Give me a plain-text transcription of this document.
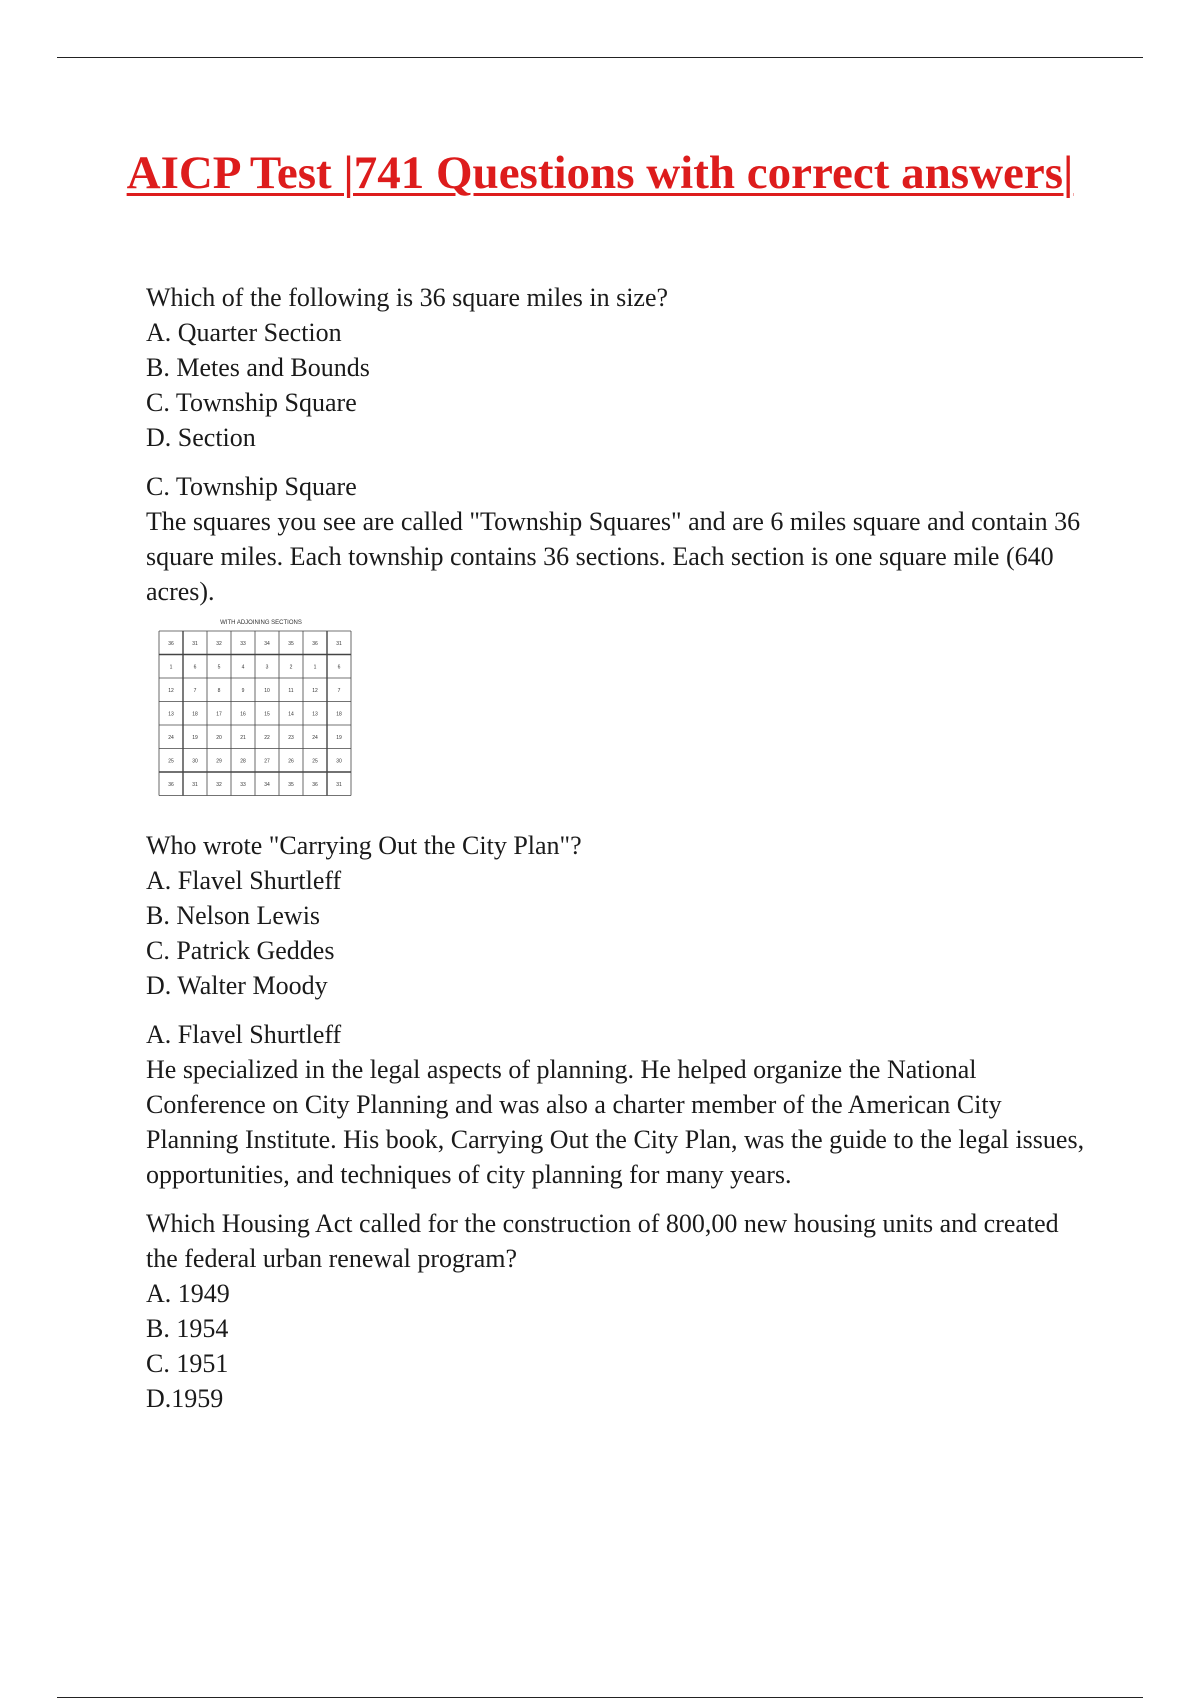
AICP Test |741 Questions with correct answers|
Which of the following is 36 square miles in size?
A. Quarter Section
B. Metes and Bounds
C. Township Square
D. Section
C. Township Square
The squares you see are called "Township Squares" and are 6 miles square and contain 36 square miles. Each township contains 36 sections. Each section is one square mile (640 acres).
WITH ADJOINING SECTIONS
36	31	32	33	34	35	36	31
1	6	5	4	3	2	1	6
12	7	8	9	10	11	12	7
13	18	17	16	15	14	13	18
24	19	20	21	22	23	24	19
25	30	29	28	27	26	25	30
36	31	32	33	34	35	36	31
Who wrote "Carrying Out the City Plan"?
A. Flavel Shurtleff
B. Nelson Lewis
C. Patrick Geddes
D. Walter Moody
A. Flavel Shurtleff
He specialized in the legal aspects of planning. He helped organize the National Conference on City Planning and was also a charter member of the American City Planning Institute. His book, Carrying Out the City Plan, was the guide to the legal issues, opportunities, and techniques of city planning for many years.
Which Housing Act called for the construction of 800,00 new housing units and created the federal urban renewal program?
A. 1949
B. 1954
C. 1951
D.1959
